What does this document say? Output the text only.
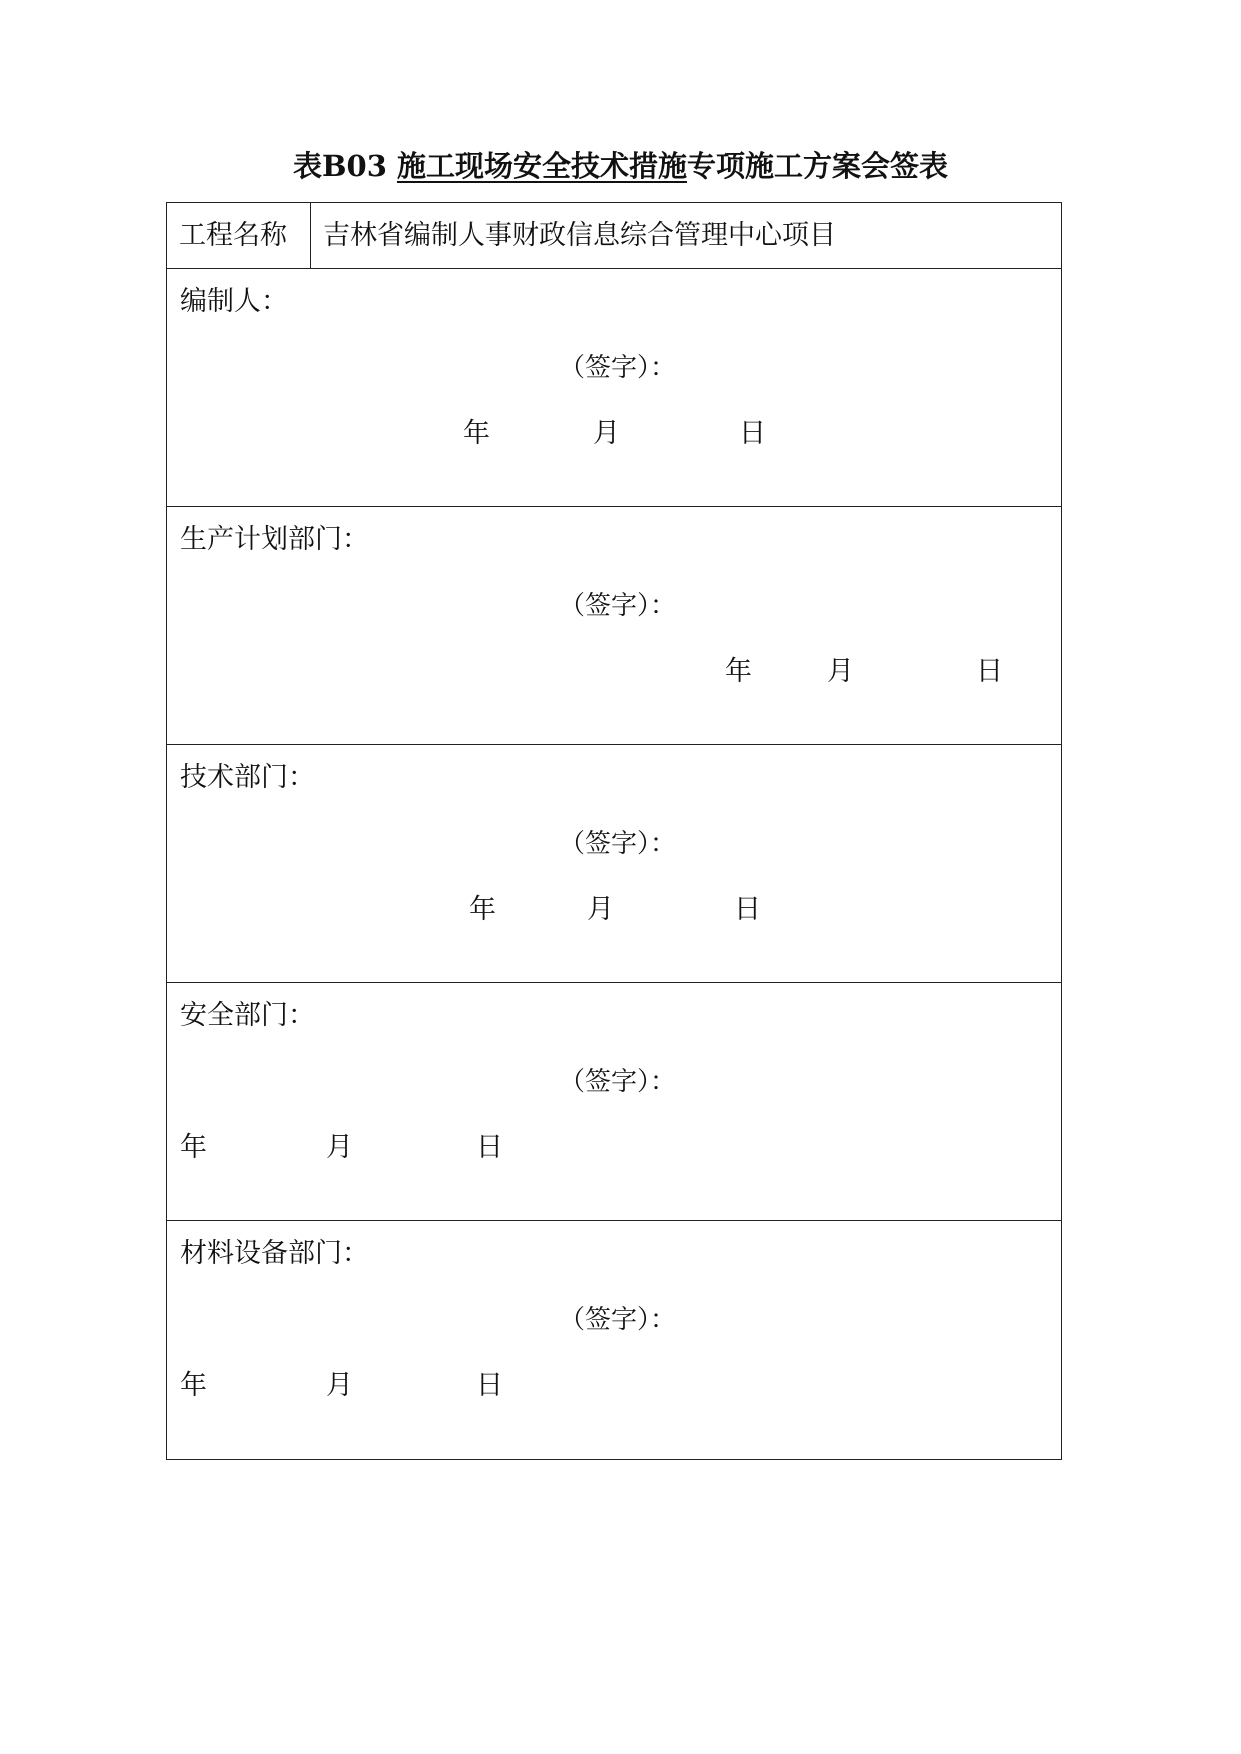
表B03 施工现场安全技术措施专项施工方案会签表
工程名称	吉林省编制人事财政信息综合管理中心项目
编制人：
（签字）：
年	月	日
生产计划部门：
（签字）：
年	月	日
技术部门：
（签字）：
年	月	日
安全部门：
（签字）：
年	月	日
材料设备部门：
（签字）：
年	月	日
